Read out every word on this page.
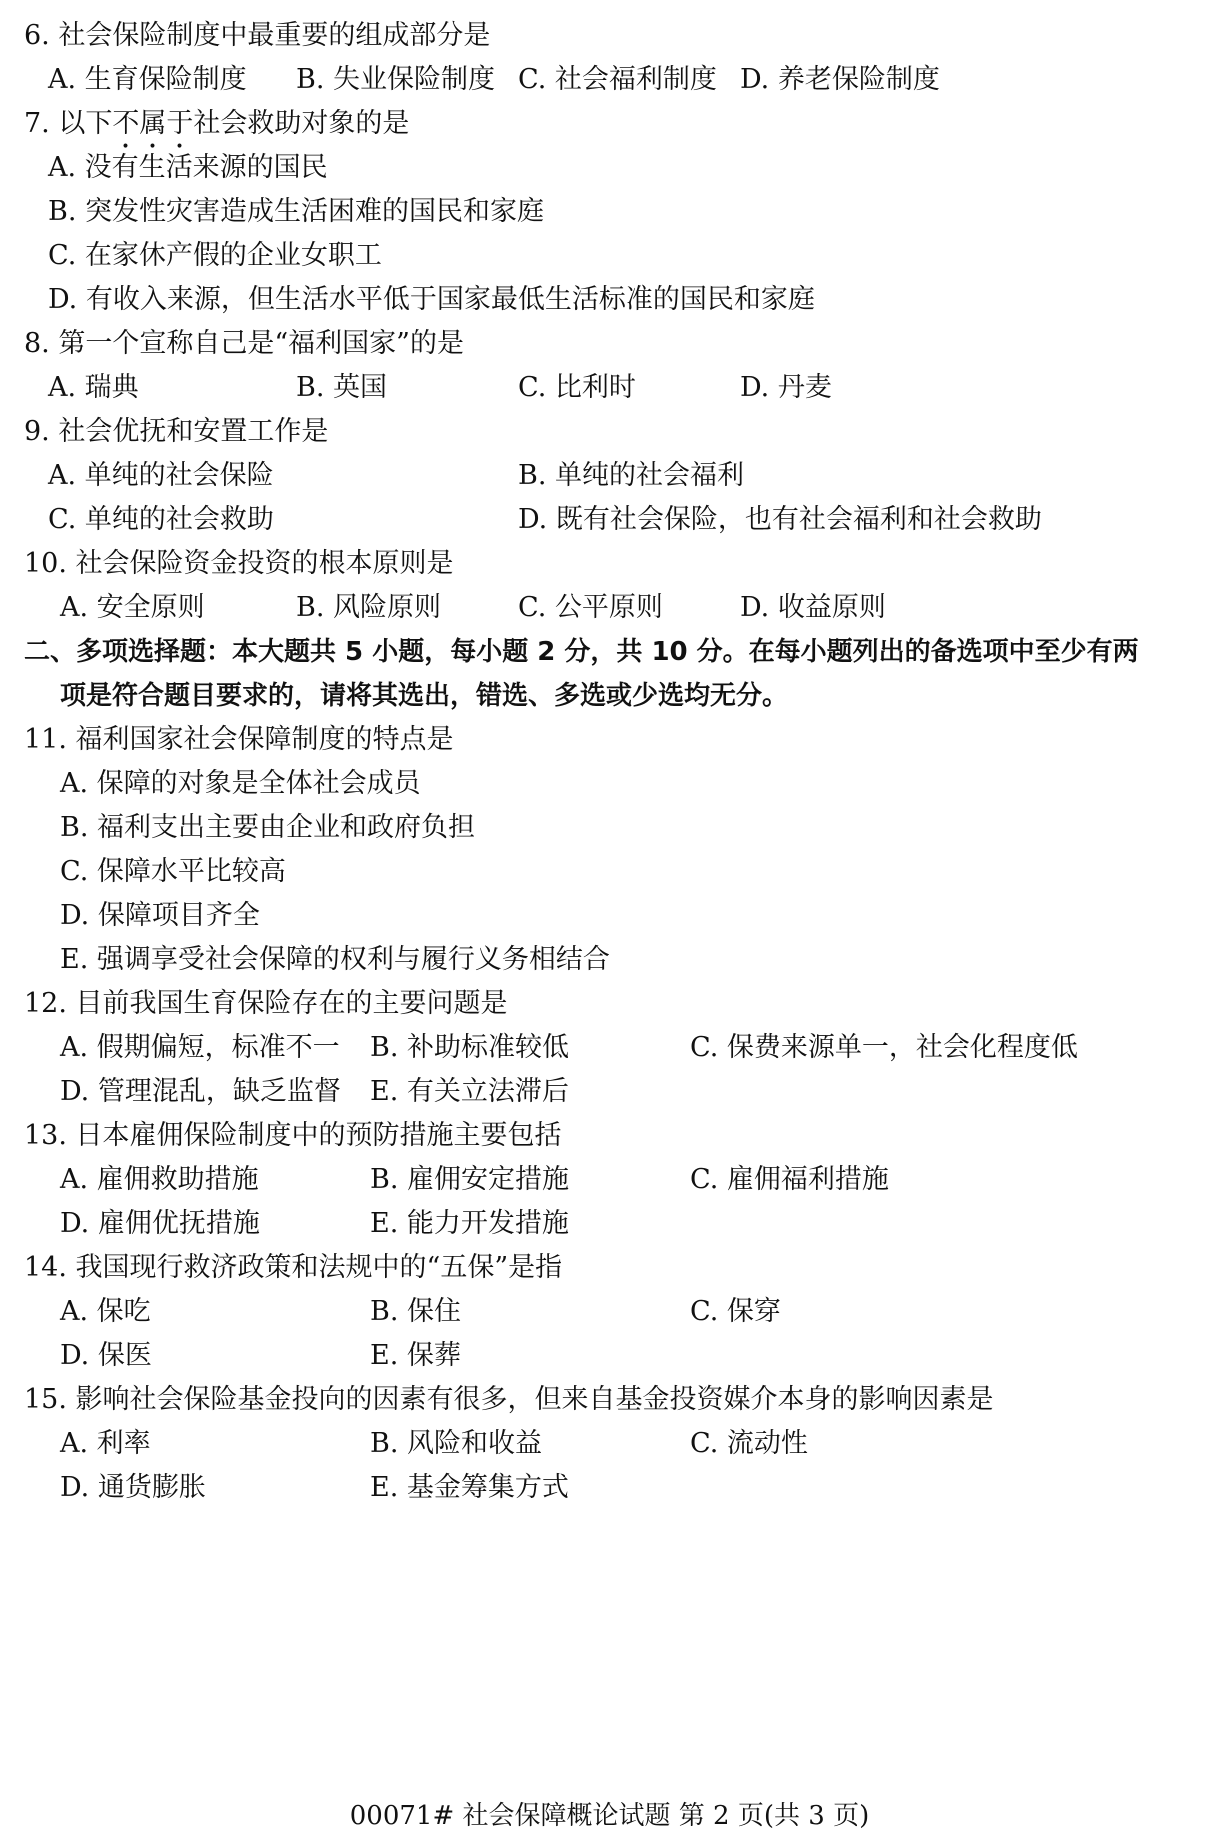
6. 社会保险制度中最重要的组成部分是
A. 生育保险制度 B. 失业保险制度 C. 社会福利制度 D. 养老保险制度
7. 以下不属于社会救助对象的是
A. 没有生活来源的国民
B. 突发性灾害造成生活困难的国民和家庭
C. 在家休产假的企业女职工
D. 有收入来源，但生活水平低于国家最低生活标准的国民和家庭
8. 第一个宣称自己是“福利国家”的是
A. 瑞典	B. 英国	C. 比利时	D. 丹麦
9. 社会优抚和安置工作是
A. 单纯的社会保险	B. 单纯的社会福利
C. 单纯的社会救助	D. 既有社会保险，也有社会福利和社会救助
10. 社会保险资金投资的根本原则是
A. 安全原则	B. 风险原则	C. 公平原则	D. 收益原则
二、多项选择题：本大题共 5 小题，每小题 2 分，共 10 分。在每小题列出的备选项中至少有两
项是符合题目要求的，请将其选出，错选、多选或少选均无分。
11. 福利国家社会保障制度的特点是
A. 保障的对象是全体社会成员
B. 福利支出主要由企业和政府负担
C. 保障水平比较高
D. 保障项目齐全
E. 强调享受社会保障的权利与履行义务相结合
12. 目前我国生育保险存在的主要问题是
A. 假期偏短，标准不一 B. 补助标准较低	C. 保费来源单一，社会化程度低
D. 管理混乱，缺乏监督 E. 有关立法滞后
13. 日本雇佣保险制度中的预防措施主要包括
A. 雇佣救助措施	B. 雇佣安定措施	C. 雇佣福利措施
D. 雇佣优抚措施	E. 能力开发措施
14. 我国现行救济政策和法规中的“五保”是指
A. 保吃	B. 保住	C. 保穿
D. 保医	E. 保葬
15. 影响社会保险基金投向的因素有很多，但来自基金投资媒介本身的影响因素是
A. 利率	B. 风险和收益	C. 流动性
D. 通货膨胀	E. 基金筹集方式
00071# 社会保障概论试题 第 2 页(共 3 页)
